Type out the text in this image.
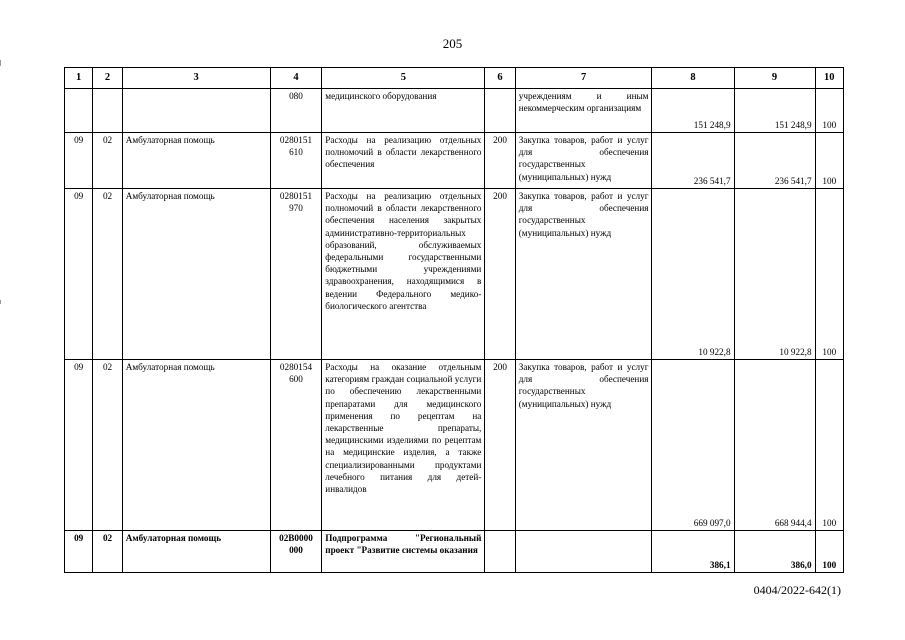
205
1	2	3	4	5	6	7	8	9	10
			080	медицинского оборудования		учреждениям и иным некоммерческим организациям	151 248,9	151 248,9	100
09	02	Амбулаторная помощь	0280151 610	Расходы на реализацию отдельных полномочий в области лекарственного обеспечения	200	Закупка товаров, работ и услуг для обеспечения государственных (муниципальных) нужд	236 541,7	236 541,7	100
09	02	Амбулаторная помощь	0280151 970	Расходы на реализацию отдельных полномочий в области лекарственного обеспечения населения закрытых административно-территориальных образований, обслуживаемых федеральными государственными бюджетными учреждениями здравоохранения, находящимися в ведении Федерального медико-биологического агентства	200	Закупка товаров, работ и услуг для обеспечения государственных (муниципальных) нужд	10 922,8	10 922,8	100
09	02	Амбулаторная помощь	0280154 600	Расходы на оказание отдельным категориям граждан социальной услуги по обеспечению лекарственными препаратами для медицинского применения по рецептам на лекарственные препараты, медицинскими изделиями по рецептам на медицинские изделия, а также специализированными продуктами лечебного питания для детей-инвалидов	200	Закупка товаров, работ и услуг для обеспечения государственных (муниципальных) нужд	669 097,0	668 944,4	100
09	02	Амбулаторная помощь	02В0000 000	Подпрограмма "Региональный проект "Развитие системы оказания			386,1	386,0	100
0404/2022-642(1)
